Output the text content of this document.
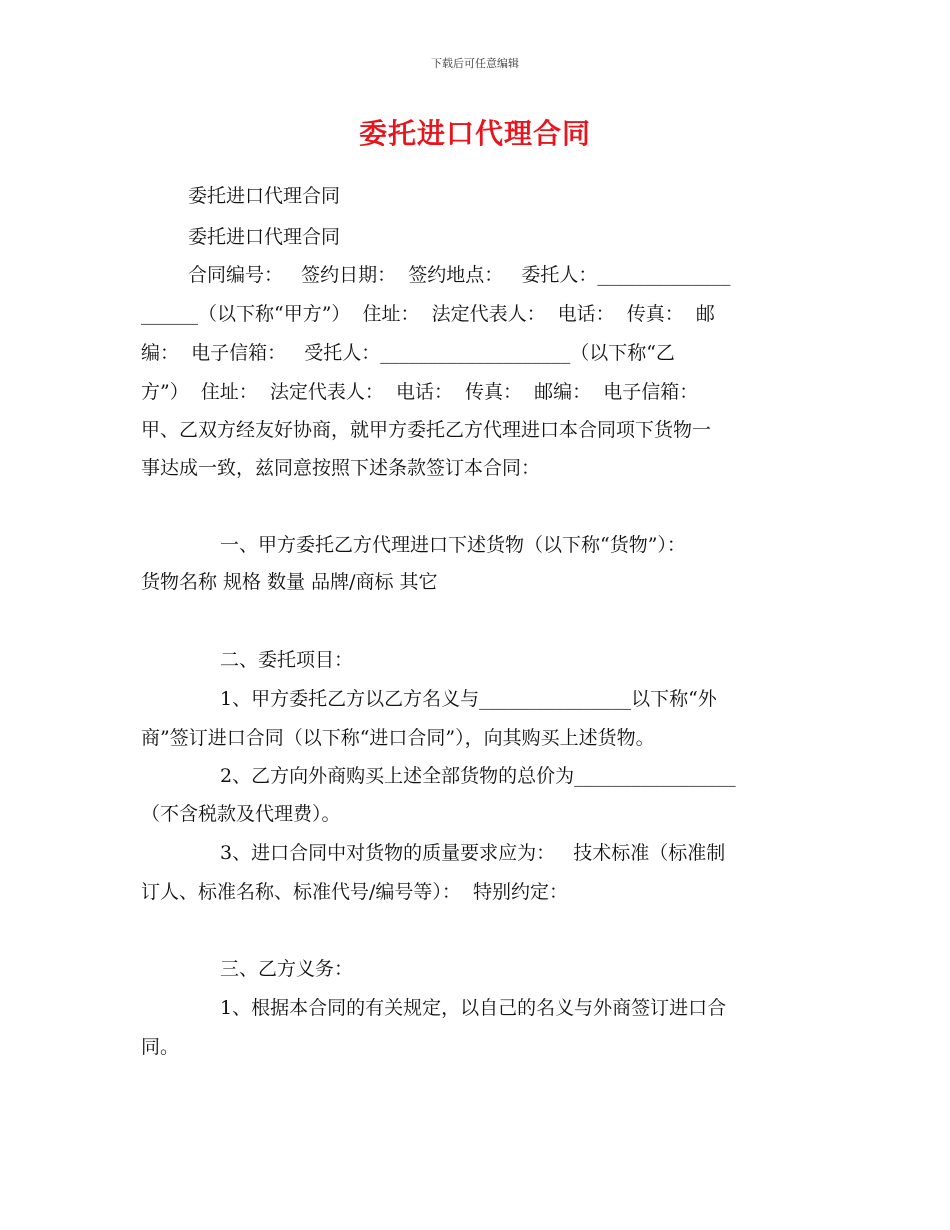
下载后可任意编辑
委托进口代理合同
委托进口代理合同
委托进口代理合同
合同编号：   签约日期：  签约地点：   委托人：______________
______（以下称“甲方”）  住址：  法定代表人：  电话：  传真：  邮
编：  电子信箱：   受托人：____________________（以下称“乙
方”）  住址：  法定代表人：  电话：  传真：  邮编：  电子信箱：
甲、乙双方经友好协商，就甲方委托乙方代理进口本合同项下货物一
事达成一致，兹同意按照下述条款签订本合同：
一、甲方委托乙方代理进口下述货物（以下称“货物”）：
货物名称 规格 数量 品牌/商标 其它
二、委托项目：
1、甲方委托乙方以乙方名义与________________以下称“外
商”签订进口合同（以下称“进口合同”），向其购买上述货物。
2、乙方向外商购买上述全部货物的总价为_________________
（不含税款及代理费）。
3、进口合同中对货物的质量要求应为：   技术标准（标准制
订人、标准名称、标准代号/编号等）：  特别约定：
三、乙方义务：
1、根据本合同的有关规定，以自己的名义与外商签订进口合
同。
